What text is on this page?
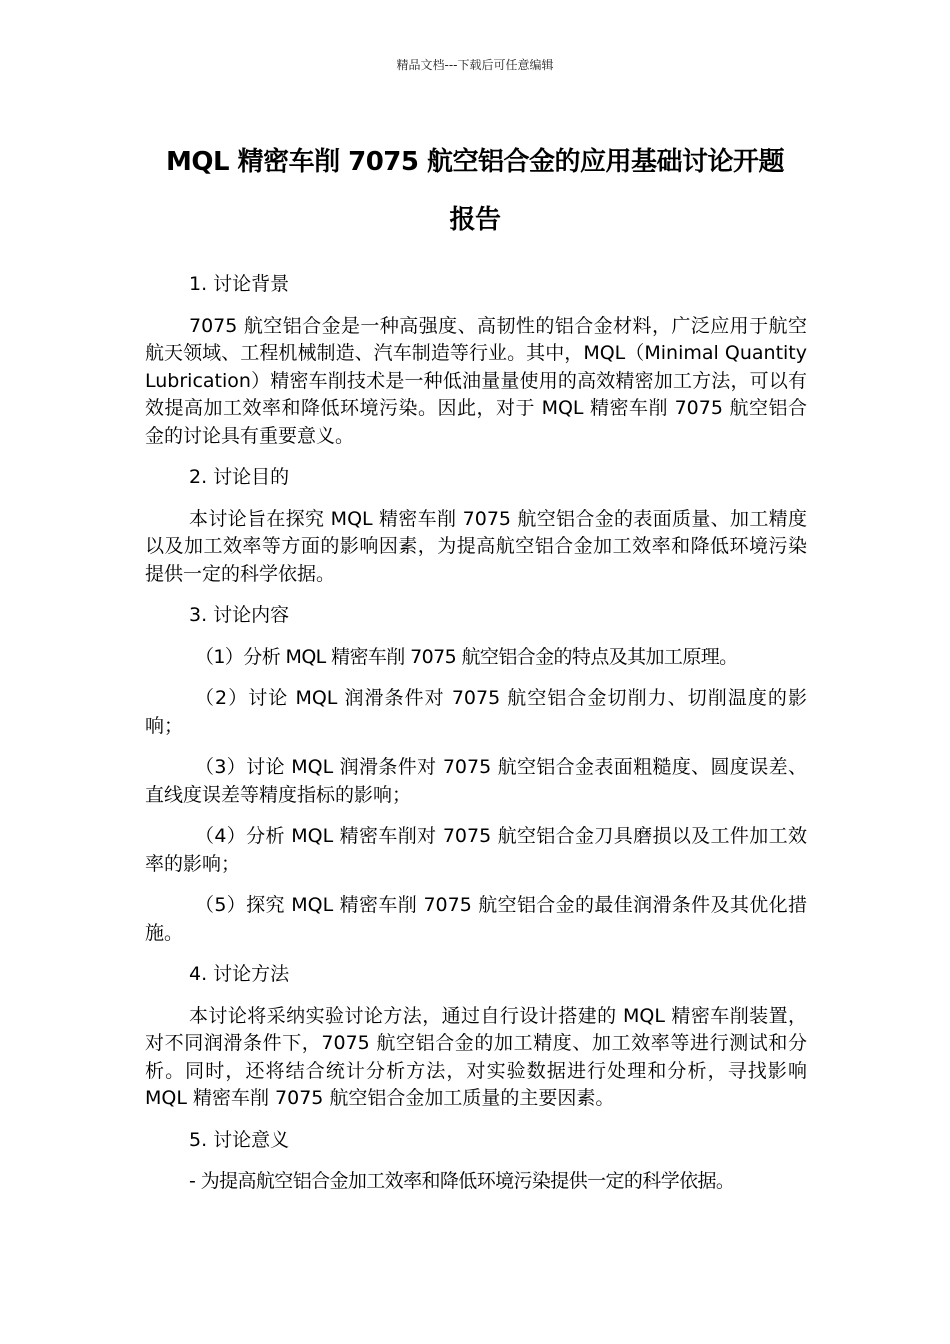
精品文档---下载后可任意编辑
MQL 精密车削 7075 航空铝合金的应用基础讨论开题
报告

1. 讨论背景

7075 航空铝合金是一种高强度、高韧性的铝合金材料，广泛应用于航空航天领域、工程机械制造、汽车制造等行业。其中，MQL（Minimal Quantity Lubrication）精密车削技术是一种低油量量使用的高效精密加工方法，可以有效提高加工效率和降低环境污染。因此，对于 MQL 精密车削 7075 航空铝合金的讨论具有重要意义。

2. 讨论目的

本讨论旨在探究 MQL 精密车削 7075 航空铝合金的表面质量、加工精度以及加工效率等方面的影响因素，为提高航空铝合金加工效率和降低环境污染提供一定的科学依据。

3. 讨论内容

（1）分析 MQL 精密车削 7075 航空铝合金的特点及其加工原理。

（2）讨论 MQL 润滑条件对 7075 航空铝合金切削力、切削温度的影响；

（3）讨论 MQL 润滑条件对 7075 航空铝合金表面粗糙度、圆度误差、直线度误差等精度指标的影响；

（4）分析 MQL 精密车削对 7075 航空铝合金刀具磨损以及工件加工效率的影响；

（5）探究 MQL 精密车削 7075 航空铝合金的最佳润滑条件及其优化措施。

4. 讨论方法

本讨论将采纳实验讨论方法，通过自行设计搭建的 MQL 精密车削装置，对不同润滑条件下，7075 航空铝合金的加工精度、加工效率等进行测试和分析。同时，还将结合统计分析方法，对实验数据进行处理和分析，寻找影响 MQL 精密车削 7075 航空铝合金加工质量的主要因素。

5. 讨论意义

- 为提高航空铝合金加工效率和降低环境污染提供一定的科学依据。
